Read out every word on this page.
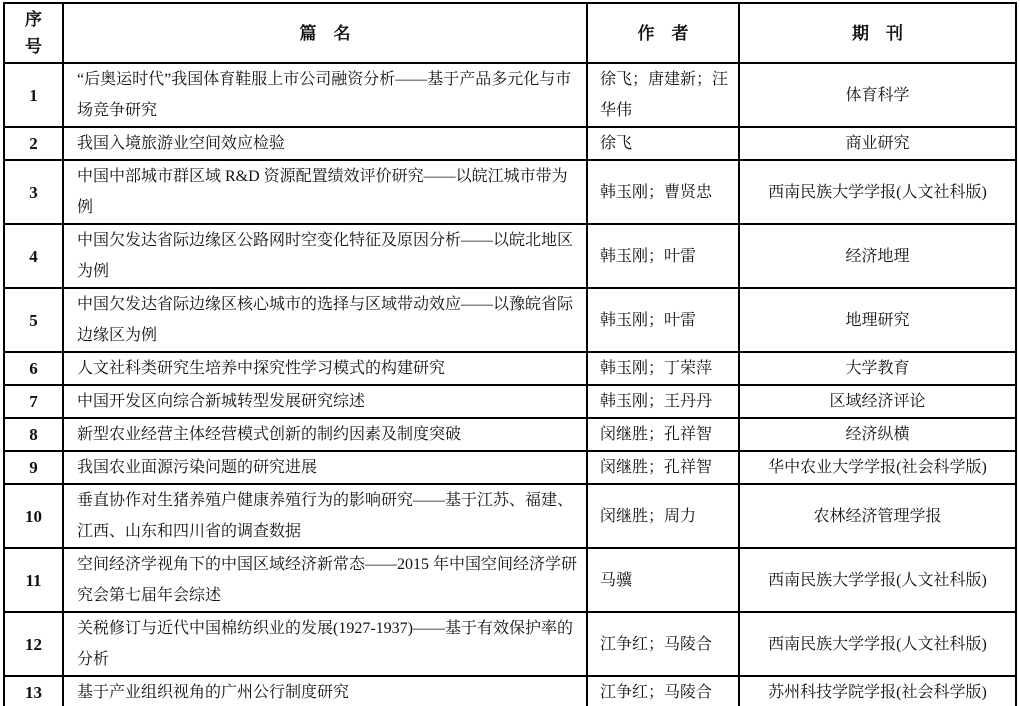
序号	篇　名	作　者	期　刊
1	“后奥运时代”我国体育鞋服上市公司融资分析——基于产品多元化与市场竞争研究	徐飞；唐建新；汪华伟	体育科学
2	我国入境旅游业空间效应检验	徐飞	商业研究
3	中国中部城市群区域 R&D 资源配置绩效评价研究——以皖江城市带为例	韩玉刚；曹贤忠	西南民族大学学报(人文社科版)
4	中国欠发达省际边缘区公路网时空变化特征及原因分析——以皖北地区为例	韩玉刚；叶雷	经济地理
5	中国欠发达省际边缘区核心城市的选择与区域带动效应——以豫皖省际边缘区为例	韩玉刚；叶雷	地理研究
6	人文社科类研究生培养中探究性学习模式的构建研究	韩玉刚；丁荣萍	大学教育
7	中国开发区向综合新城转型发展研究综述	韩玉刚；王丹丹	区域经济评论
8	新型农业经营主体经营模式创新的制约因素及制度突破	闵继胜；孔祥智	经济纵横
9	我国农业面源污染问题的研究进展	闵继胜；孔祥智	华中农业大学学报(社会科学版)
10	垂直协作对生猪养殖户健康养殖行为的影响研究——基于江苏、福建、江西、山东和四川省的调查数据	闵继胜；周力	农林经济管理学报
11	空间经济学视角下的中国区域经济新常态——2015 年中国空间经济学研究会第七届年会综述	马骥	西南民族大学学报(人文社科版)
12	关税修订与近代中国棉纺织业的发展(1927-1937)——基于有效保护率的分析	江争红；马陵合	西南民族大学学报(人文社科版)
13	基于产业组织视角的广州公行制度研究	江争红；马陵合	苏州科技学院学报(社会科学版)
